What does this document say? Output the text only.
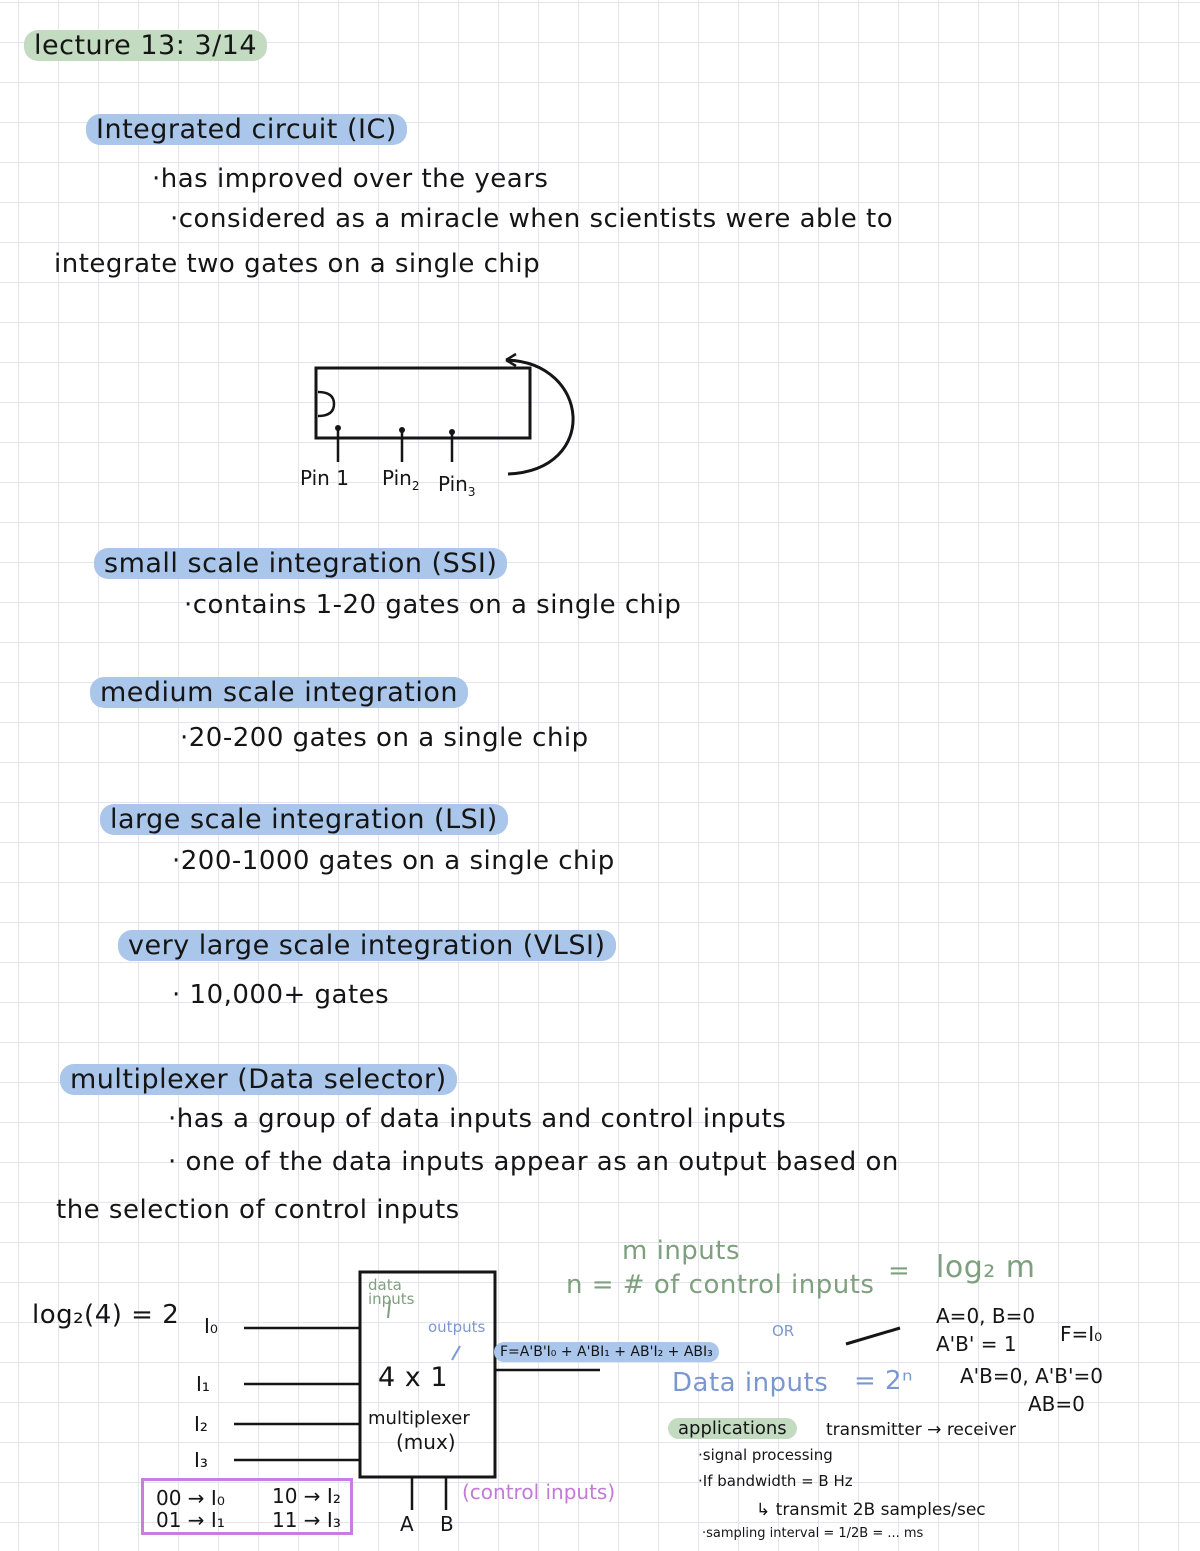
lecture 13: 3/14
Integrated circuit (IC)
·has improved over the years
·considered as a miracle when scientists were able to
integrate two gates on a single chip
Pin 1 Pin$_2$ Pin$_3$
small scale integration (SSI)
·contains 1-20 gates on a single chip
medium scale integration
·20-200 gates on a single chip
large scale integration (LSI)
·200-1000 gates on a single chip
very large scale integration (VLSI)
· 10,000+ gates
multiplexer (Data selector)
·has a group of data inputs and control inputs
· one of the data inputs appear as an output based on
the selection of control inputs
log₂(4) = 2 I₀
I₁
I₂
I₃
data inputs
outputs
4 x 1
multiplexer
(mux)
A B
(control inputs)
00 → I₀ 10 → I₂
01 → I₁ 11 → I₃
m inputs
n = # of control inputs = log₂ m
OR
F=A'B'I₀ + A'BI₁ + AB'I₂ + ABI₃
Data inputs = 2ⁿ
A=0, B=0
A'B' = 1 F=I₀
A'B=0, A'B'=0
AB=0
applications	transmitter → receiver
·signal processing
·If bandwidth = B Hz
↳ transmit 2B samples/sec
·sampling interval = 1/2B = ... ms
